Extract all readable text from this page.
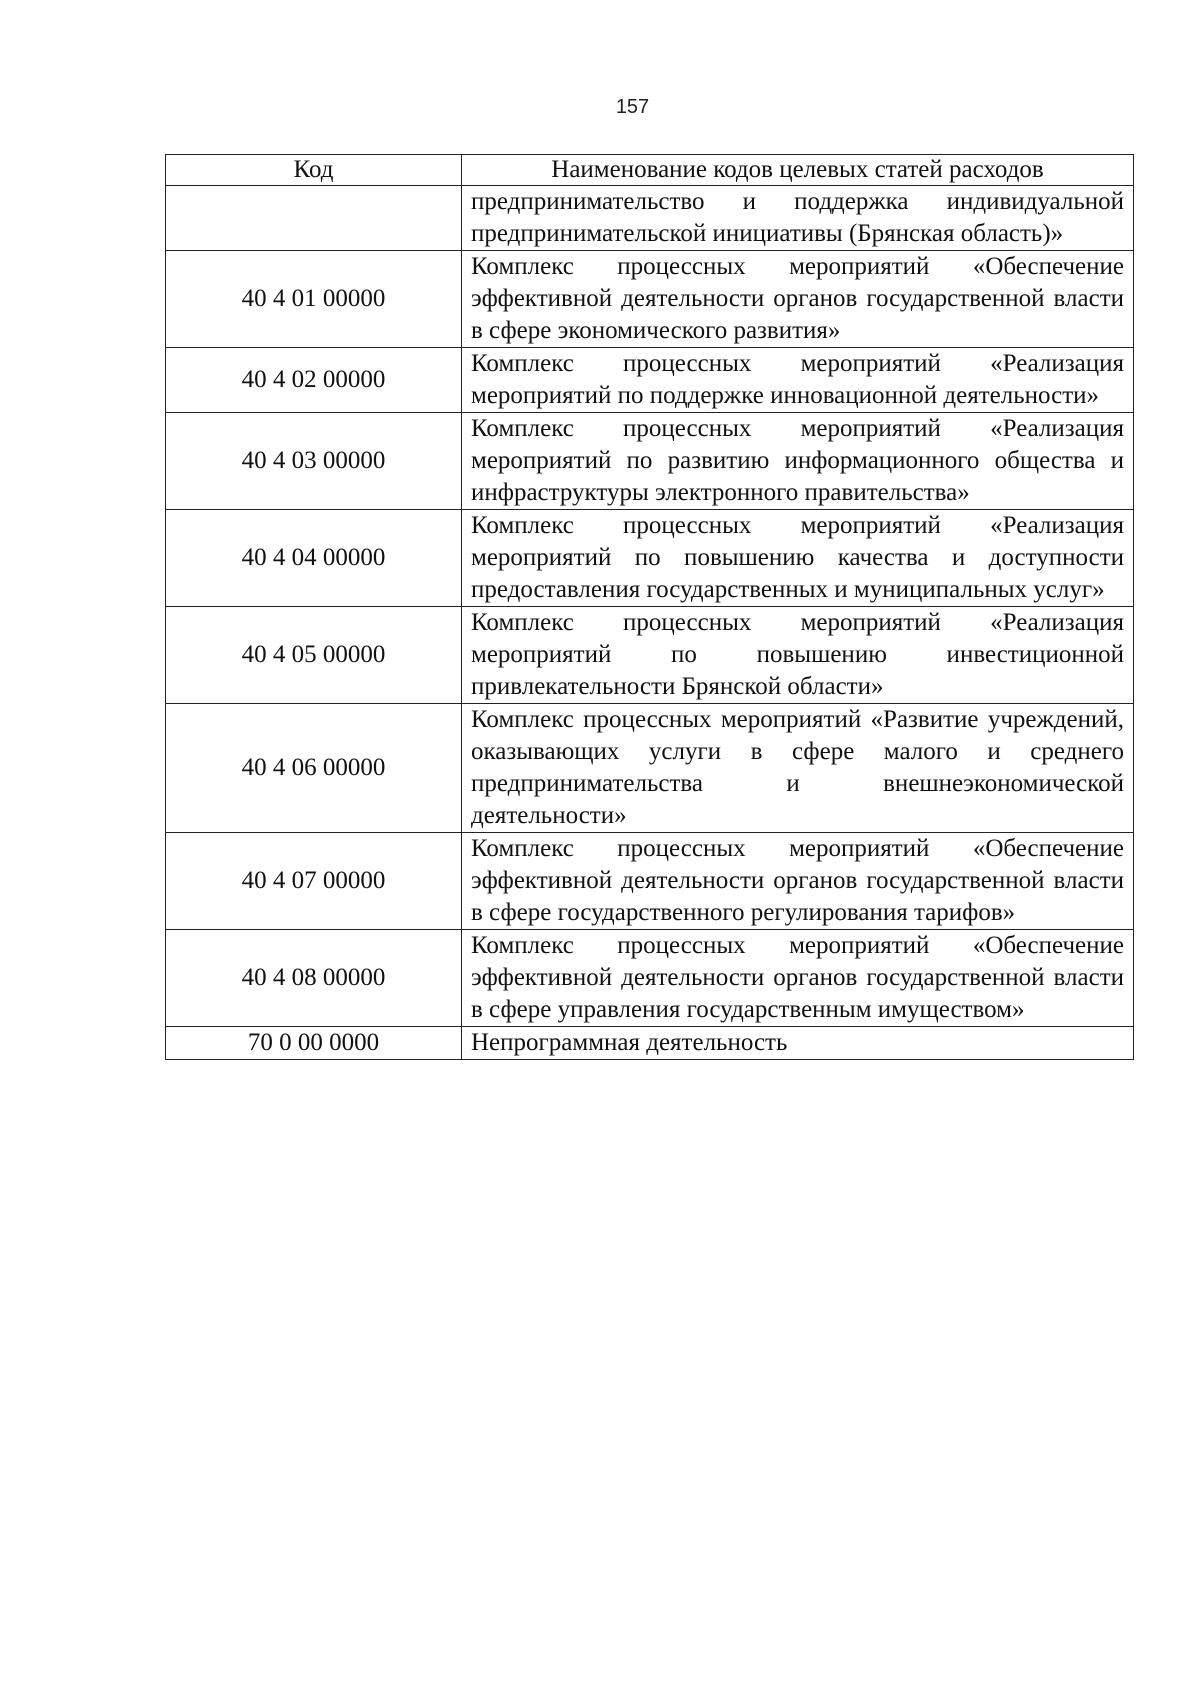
157
Код	Наименование кодов целевых статей расходов
	предпринимательство и поддержка индивидуальной предпринимательской инициативы (Брянская область)»
40 4 01 00000	Комплекс процессных мероприятий «Обеспечение эффективной деятельности органов государственной власти в сфере экономического развития»
40 4 02 00000	Комплекс процессных мероприятий «Реализация мероприятий по поддержке инновационной деятельности»
40 4 03 00000	Комплекс процессных мероприятий «Реализация мероприятий по развитию информационного общества и инфраструктуры электронного правительства»
40 4 04 00000	Комплекс процессных мероприятий «Реализация мероприятий по повышению качества и доступности предоставления государственных и муниципальных услуг»
40 4 05 00000	Комплекс процессных мероприятий «Реализация мероприятий по повышению инвестиционной привлекательности Брянской области»
40 4 06 00000	Комплекс процессных мероприятий «Развитие учреждений, оказывающих услуги в сфере малого и среднего предпринимательства и внешнеэкономической деятельности»
40 4 07 00000	Комплекс процессных мероприятий «Обеспечение эффективной деятельности органов государственной власти в сфере государственного регулирования тарифов»
40 4 08 00000	Комплекс процессных мероприятий «Обеспечение эффективной деятельности органов государственной власти в сфере управления государственным имуществом»
70 0 00 0000	Непрограммная деятельность
